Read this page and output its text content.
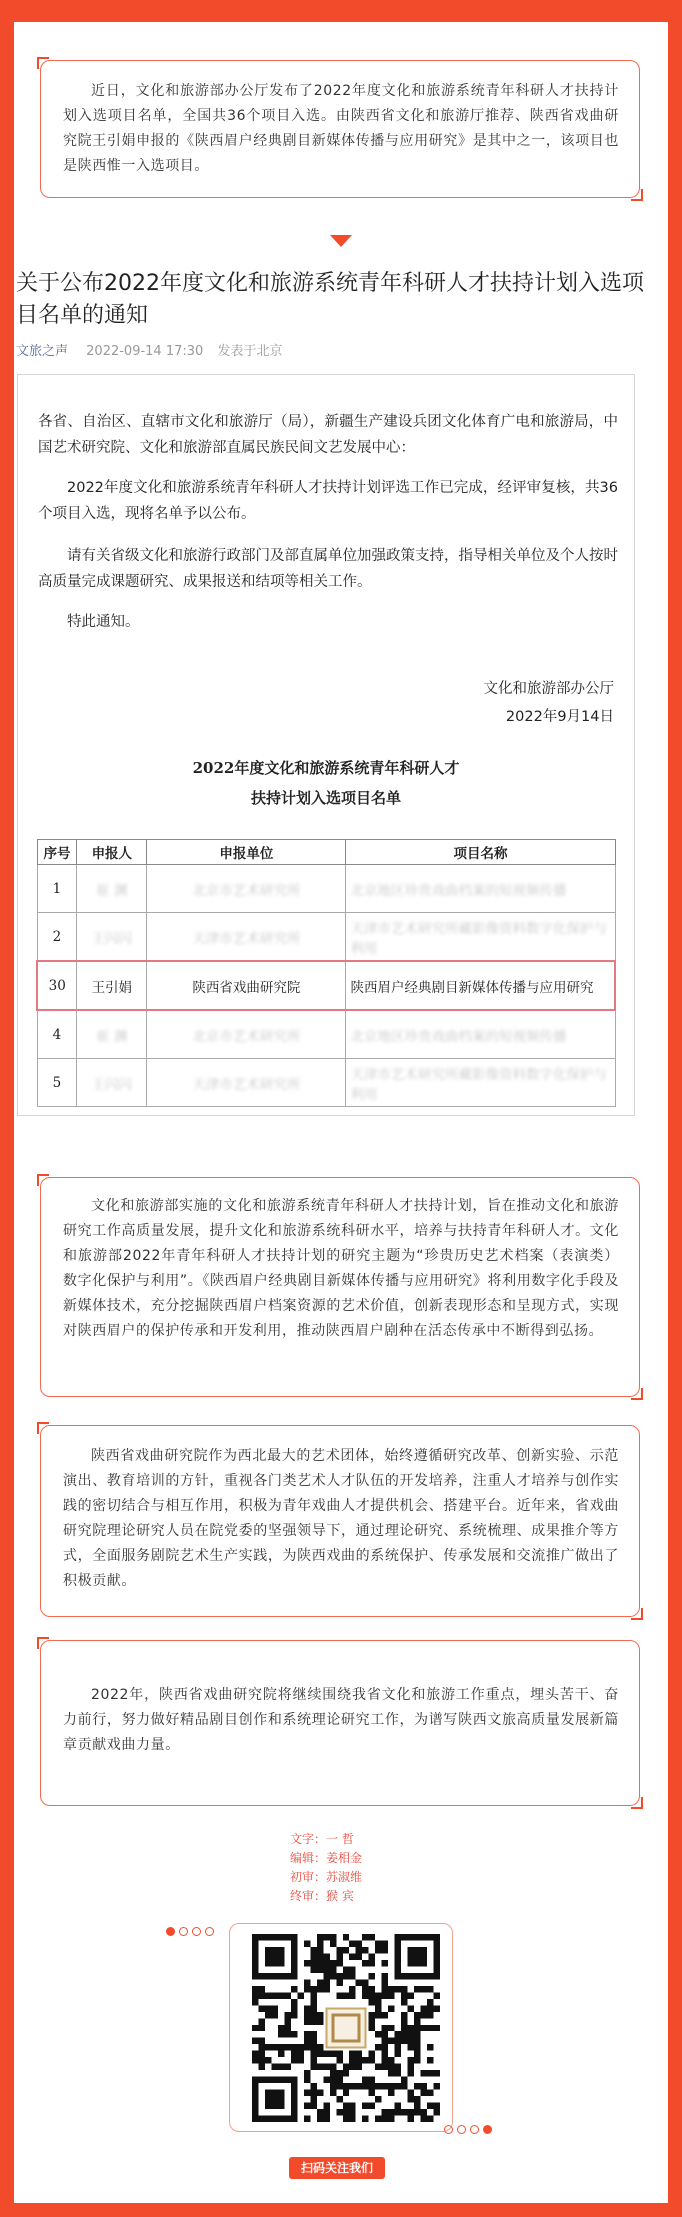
近日，文化和旅游部办公厅发布了2022年度文化和旅游系统青年科研人才扶持计划入选项目名单，全国共36个项目入选。由陕西省文化和旅游厅推荐、陕西省戏曲研究院王引娟申报的《陕西眉户经典剧目新媒体传播与应用研究》是其中之一，该项目也是陕西惟一入选项目。

关于公布2022年度文化和旅游系统青年科研人才扶持计划入选项目名单的通知
文旅之声 2022-09-14 17:30 发表于北京

各省、自治区、直辖市文化和旅游厅（局），新疆生产建设兵团文化体育广电和旅游局，中国艺术研究院、文化和旅游部直属民族民间文艺发展中心：

2022年度文化和旅游系统青年科研人才扶持计划评选工作已完成，经评审复核，共36个项目入选，现将名单予以公布。

请有关省级文化和旅游行政部门及部直属单位加强政策支持，指导相关单位及个人按时高质量完成课题研究、成果报送和结项等相关工作。

特此通知。

文化和旅游部办公厅
2022年9月14日
2022年度文化和旅游系统青年科研人才
扶持计划入选项目名单
序号	申报人	申报单位	项目名称
1	崔 渊	北京市艺术研究所	北京地区珍贵戏曲档案的短视频传播
2	王闪闪	天津市艺术研究所	天津市艺术研究所藏影像资料数字化保护与利用
30	王引娟	陕西省戏曲研究院	陕西眉户经典剧目新媒体传播与应用研究
4	崔 渊	北京市艺术研究所	北京地区珍贵戏曲档案的短视频传播
5	王闪闪	天津市艺术研究所	天津市艺术研究所藏影像资料数字化保护与利用

文化和旅游部实施的文化和旅游系统青年科研人才扶持计划，旨在推动文化和旅游研究工作高质量发展，提升文化和旅游系统科研水平，培养与扶持青年科研人才。文化和旅游部2022年青年科研人才扶持计划的研究主题为“珍贵历史艺术档案（表演类）数字化保护与利用”。《陕西眉户经典剧目新媒体传播与应用研究》将利用数字化手段及新媒体技术，充分挖掘陕西眉户档案资源的艺术价值，创新表现形态和呈现方式，实现对陕西眉户的保护传承和开发利用，推动陕西眉户剧种在活态传承中不断得到弘扬。

陕西省戏曲研究院作为西北最大的艺术团体，始终遵循研究改革、创新实验、示范演出、教育培训的方针，重视各门类艺术人才队伍的开发培养，注重人才培养与创作实践的密切结合与相互作用，积极为青年戏曲人才提供机会、搭建平台。近年来，省戏曲研究院理论研究人员在院党委的坚强领导下，通过理论研究、系统梳理、成果推介等方式，全面服务剧院艺术生产实践，为陕西戏曲的系统保护、传承发展和交流推广做出了积极贡献。

2022年，陕西省戏曲研究院将继续围绕我省文化和旅游工作重点，埋头苦干、奋力前行，努力做好精品剧目创作和系统理论研究工作，为谱写陕西文旅高质量发展新篇章贡献戏曲力量。

文字：一 哲
编辑：姜相金
初审：苏淑维
终审：猴 宾
扫码关注我们
